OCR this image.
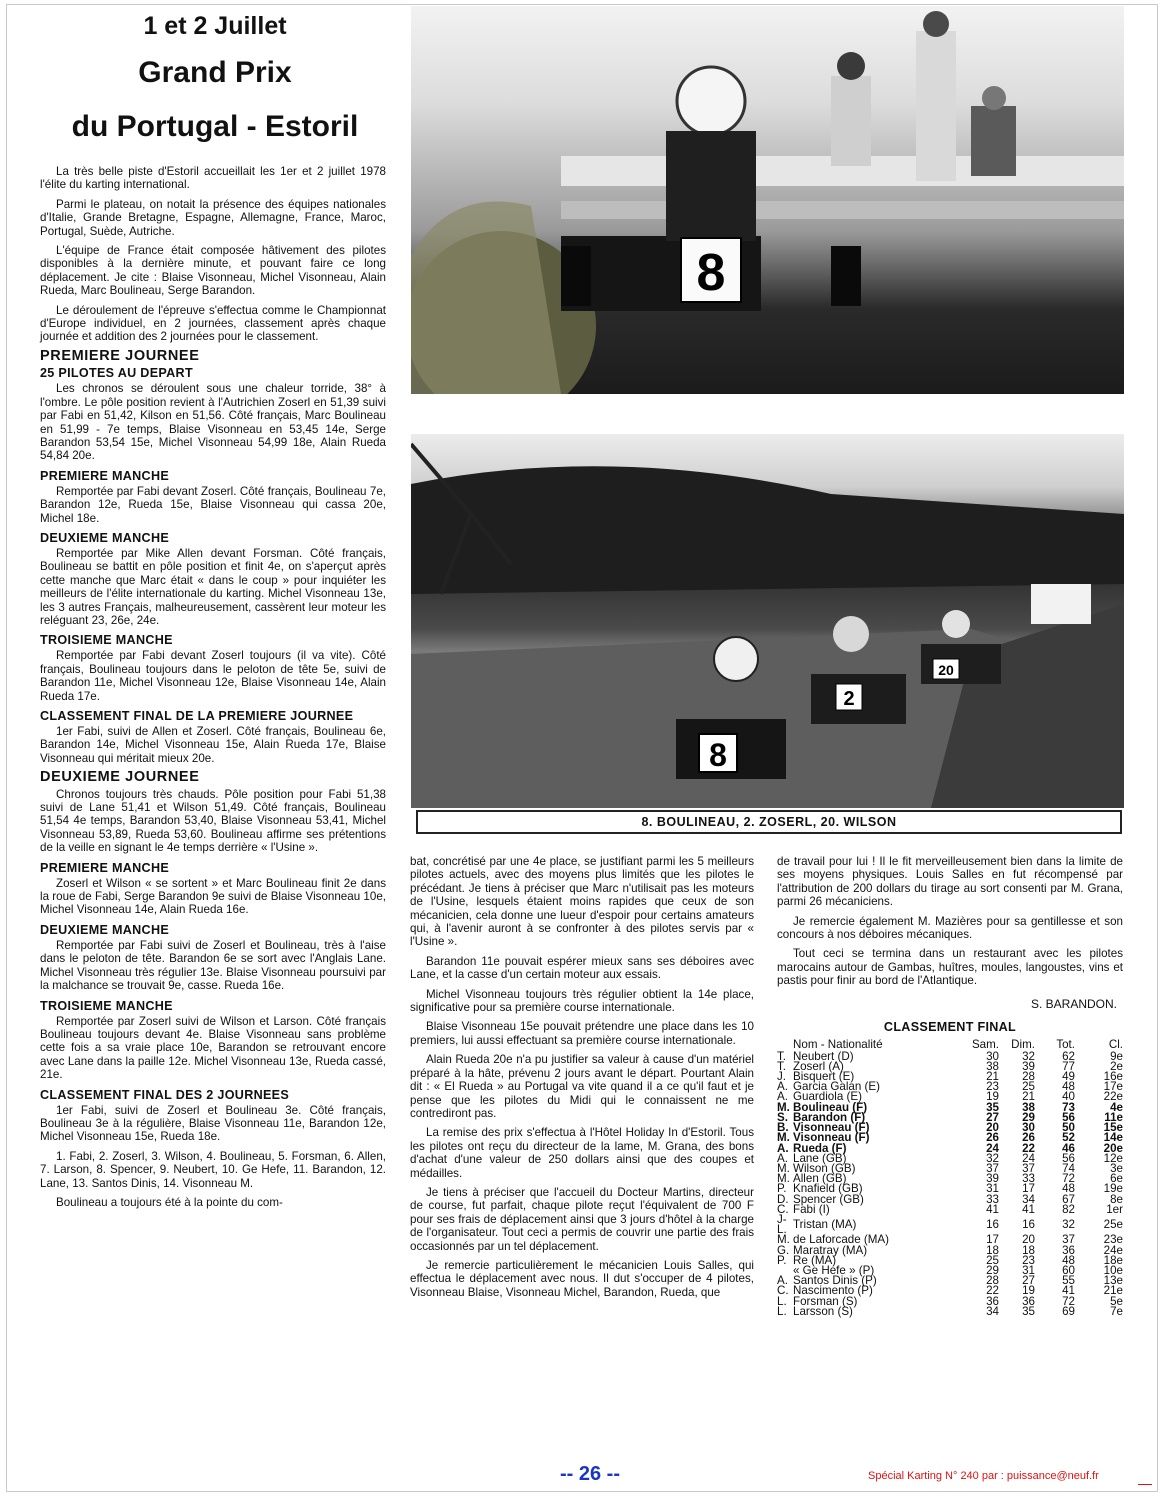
1 et 2 Juillet
Grand Prix
du Portugal - Estoril

La très belle piste d'Estoril accueillait les 1er et 2 juillet 1978 l'élite du karting international.

Parmi le plateau, on notait la présence des équipes nationales d'Italie, Grande Bretagne, Espagne, Allemagne, France, Maroc, Portugal, Suède, Autriche.

L'équipe de France était composée hâtivement des pilotes disponibles à la dernière minute, et pouvant faire ce long déplacement. Je cite : Blaise Visonneau, Michel Visonneau, Alain Rueda, Marc Boulineau, Serge Barandon.

Le déroulement de l'épreuve s'effectua comme le Championnat d'Europe individuel, en 2 journées, classement après chaque journée et addition des 2 journées pour le classement.

PREMIERE JOURNEE
25 PILOTES AU DEPART

Les chronos se déroulent sous une chaleur torride, 38° à l'ombre. Le pôle position revient à l'Autrichien Zoserl en 51,39 suivi par Fabi en 51,42, Kilson en 51,56. Côté français, Marc Boulineau en 51,99 - 7e temps, Blaise Visonneau en 53,45 14e, Serge Barandon 53,54 15e, Michel Visonneau 54,99 18e, Alain Rueda 54,84 20e.

PREMIERE MANCHE

Remportée par Fabi devant Zoserl. Côté français, Boulineau 7e, Barandon 12e, Rueda 15e, Blaise Visonneau qui cassa 20e, Michel 18e.

DEUXIEME MANCHE

Remportée par Mike Allen devant Forsman. Côté français, Boulineau se battit en pôle position et finit 4e, on s'aperçut après cette manche que Marc était « dans le coup » pour inquiéter les meilleurs de l'élite internationale du karting. Michel Visonneau 13e, les 3 autres Français, malheureusement, cassèrent leur moteur les reléguant 23, 26e, 24e.

TROISIEME MANCHE

Remportée par Fabi devant Zoserl toujours (il va vite). Côté français, Boulineau toujours dans le peloton de tête 5e, suivi de Barandon 11e, Michel Visonneau 12e, Blaise Visonneau 14e, Alain Rueda 17e.

CLASSEMENT FINAL DE LA PREMIERE JOURNEE

1er Fabi, suivi de Allen et Zoserl. Côté français, Boulineau 6e, Barandon 14e, Michel Visonneau 15e, Alain Rueda 17e, Blaise Visonneau qui méritait mieux 20e.

DEUXIEME JOURNEE

Chronos toujours très chauds. Pôle position pour Fabi 51,38 suivi de Lane 51,41 et Wilson 51,49. Côté français, Boulineau 51,54 4e temps, Barandon 53,40, Blaise Visonneau 53,41, Michel Visonneau 53,89, Rueda 53,60. Boulineau affirme ses prétentions de la veille en signant le 4e temps derrière « l'Usine ».

PREMIERE MANCHE

Zoserl et Wilson « se sortent » et Marc Boulineau finit 2e dans la roue de Fabi, Serge Barandon 9e suivi de Blaise Visonneau 10e, Michel Visonneau 14e, Alain Rueda 16e.

DEUXIEME MANCHE

Remportée par Fabi suivi de Zoserl et Boulineau, très à l'aise dans le peloton de tête. Barandon 6e se sort avec l'Anglais Lane. Michel Visonneau très régulier 13e. Blaise Visonneau poursuivi par la malchance se trouvait 9e, casse. Rueda 16e.

TROISIEME MANCHE

Remportée par Zoserl suivi de Wilson et Larson. Côté français Boulineau toujours devant 4e. Blaise Visonneau sans problème cette fois a sa vraie place 10e, Barandon se retrouvant encore avec Lane dans la paille 12e. Michel Visonneau 13e, Rueda cassé, 21e.

CLASSEMENT FINAL DES 2 JOURNEES

1er Fabi, suivi de Zoserl et Boulineau 3e. Côté français, Boulineau 3e à la régulière, Blaise Visonneau 11e, Barandon 12e, Michel Visonneau 15e, Rueda 18e.

1. Fabi, 2. Zoserl, 3. Wilson, 4. Boulineau, 5. Forsman, 6. Allen, 7. Larson, 8. Spencer, 9. Neubert, 10. Ge Hefe, 11. Barandon, 12. Lane, 13. Santos Dinis, 14. Visonneau M.

Boulineau a toujours été à la pointe du com-

8
8
2
20
8. BOULINEAU, 2. ZOSERL, 20. WILSON

bat, concrétisé par une 4e place, se justifiant parmi les 5 meilleurs pilotes actuels, avec des moyens plus limités que les pilotes le précédant. Je tiens à préciser que Marc n'utilisait pas les moteurs de l'Usine, lesquels étaient moins rapides que ceux de son mécanicien, cela donne une lueur d'espoir pour certains amateurs qui, à l'avenir auront à se confronter à des pilotes servis par « l'Usine ».

Barandon 11e pouvait espérer mieux sans ses déboires avec Lane, et la casse d'un certain moteur aux essais.

Michel Visonneau toujours très régulier obtient la 14e place, significative pour sa première course internationale.

Blaise Visonneau 15e pouvait prétendre une place dans les 10 premiers, lui aussi effectuant sa première course internationale.

Alain Rueda 20e n'a pu justifier sa valeur à cause d'un matériel préparé à la hâte, prévenu 2 jours avant le départ. Pourtant Alain dit : « El Rueda » au Portugal va vite quand il a ce qu'il faut et je pense que les pilotes du Midi qui le connaissent ne me contrediront pas.

La remise des prix s'effectua à l'Hôtel Holiday In d'Estoril. Tous les pilotes ont reçu du directeur de la lame, M. Grana, des bons d'achat d'une valeur de 250 dollars ainsi que des coupes et médailles.

Je tiens à préciser que l'accueil du Docteur Martins, directeur de course, fut parfait, chaque pilote reçut l'équivalent de 700 F pour ses frais de déplacement ainsi que 3 jours d'hôtel à la charge de l'organisateur. Tout ceci a permis de couvrir une partie des frais occasionnés par un tel déplacement.

Je remercie particulièrement le mécanicien Louis Salles, qui effectua le déplacement avec nous. Il dut s'occuper de 4 pilotes, Visonneau Blaise, Visonneau Michel, Barandon, Rueda, que

de travail pour lui ! Il le fit merveilleusement bien dans la limite de ses moyens physiques. Louis Salles en fut récompensé par l'attribution de 200 dollars du tirage au sort consenti par M. Grana, parmi 26 mécaniciens.

Je remercie également M. Mazières pour sa gentillesse et son concours à nos déboires mécaniques.

Tout ceci se termina dans un restaurant avec les pilotes marocains autour de Gambas, huîtres, moules, langoustes, vins et pastis pour finir au bord de l'Atlantique.

S. BARANDON.
CLASSEMENT FINAL
	Nom - Nationalité	Sam.	Dim.	Tot.	Cl.
T.	Neubert (D)	30	32	62	9e
T.	Zoserl (A)	38	39	77	2e
J.	Bisquert (E)	21	28	49	16e
A.	Garcia Galan (E)	23	25	48	17e
A.	Guardiola (E)	19	21	40	22e
M.	Boulineau (F)	35	38	73	4e
S.	Barandon (F)	27	29	56	11e
B.	Visonneau (F)	20	30	50	15e
M.	Visonneau (F)	26	26	52	14e
A.	Rueda (F)	24	22	46	20e
A.	Lane (GB)	32	24	56	12e
M.	Wilson (GB)	37	37	74	3e
M.	Allen (GB)	39	33	72	6e
P.	Knafield (GB)	31	17	48	19e
D.	Spencer (GB)	33	34	67	8e
C.	Fabi (I)	41	41	82	1er
J-L.	Tristan (MA)	16	16	32	25e
M.	de Laforcade (MA)	17	20	37	23e
G.	Maratray (MA)	18	18	36	24e
P.	Re (MA)	25	23	48	18e
	« Ge Hefe » (P)	29	31	60	10e
A.	Santos Dinis (P)	28	27	55	13e
C.	Nascimento (P)	22	19	41	21e
L.	Forsman (S)	36	36	72	5e
L.	Larsson (S)	34	35	69	7e
-- 26 --	Spécial Karting N° 240 par : puissance@neuf.fr
